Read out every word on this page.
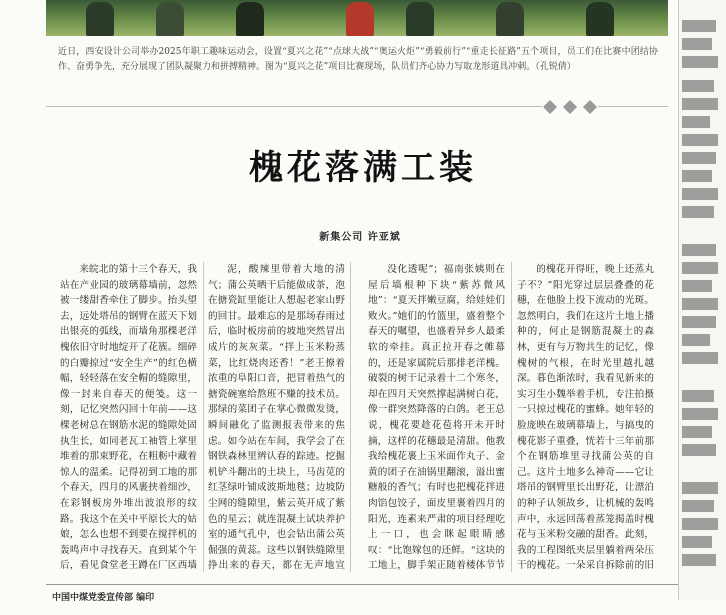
近日，西安设计公司举办2025年职工趣味运动会，设置“夏兴之花”“点球大战”“奥运火炬”“勇毅前行”“重走长征路”五个项目，员工们在比赛中团结协作、奋勇争先，充分展现了团队凝聚力和拼搏精神。图为“夏兴之花”项目比赛现场，队员们齐心协力写取龙形道具冲刺。（孔锐倩）
槐花落满工装
新集公司 许亚斌

来皖北的第十三个春天，我站在产业园的玻璃幕墙前，忽然被一缕甜香牵住了脚步。抬头望去，远处塔吊的钢臂在蓝天下划出银亮的弧线，而墙角那棵老洋槐依旧守时地绽开了花簇。细碎的白瓣掠过“安全生产”的红色横幅，轻轻落在安全帽的缝隙里，像一封来自春天的便笺。这一刻，记忆突然闪回十年前——这棵老树总在钢筋水泥的缝隙处固执生长，如同老瓦工袖管上掌里堆着的那束野花，在粗粝中藏着惊人的温柔。记得初到工地的那个春天，四月的风裹挟着细沙，在彩钢板房外堆出波浪形的纹路。我这个在关中平原长大的姑娘，怎么也想不到要在搅拌机的轰鸣声中寻找春天。直到某个午后，看见食堂老王蹲在厂区西墙

泥，酸辣里带着大地的清气；蒲公英晒干后能做成茶，泡在搪瓷缸里能让人想起老家山野的回甘。最难忘的是那场春雨过后，临时板房前的坡地突然冒出成片的灰灰菜。“拌上玉米粉蒸菜，比红烧肉还香！”老王撩着浓重的阜阳口音，把冒着热气的搪瓷碗塞给熬班不赚的技术员。那绿的菜团子在掌心微微发烫，瞬间融化了监测报表带来的焦虑。如今站在车间，我学会了在钢铁森林里辨认春的踪迹。挖掘机铲斗翻出的土块上，马齿苋的红茎绿叶铺成波斯地毯；边坡防尘网的缝隙里，紫云英开成了紫色的星云；就连混凝土试块养护室的通气孔中，也会钻出蒲公英倔强的黄蕊。这些以钢铁缝隙里挣出来的春天，都在无声地宣

没化透呢”；福南张姨则在屋后墙根种下块“紫苏微风地”：“夏天拌嫩豆腐，给娃娃们败火。”她们的竹篮里，盛着整个春天的嘱望，也盛着异乡人最柔软的牵挂。真正拉开春之帷幕的，还是家属院后那排老洋槐。破裂的树干记录着十二个寒冬，却在四月天突然撑起满树白花，像一群突然降落的白鸽。老王总说，槐花要趁花苞将开未开时摘，这样的花穗最是清甜。他教我给槐花裹上玉米面作丸子、金黄的团子在油锅里翻滚，溢出蜜糖般的香气；有时也把槐花拌进肉馅包饺子，面皮里裹着四月的阳光，连素来严肃的项目经理吃上一口，也会眯起眼睛感叹：“比饱嫁包的还鲜。“这块的工地上，脚手架正随着楼体节节

的槐花开得旺，晚上还蒸丸子不？”阳光穿过层层叠叠的花穗，在他脸上投下流动的光斑。忽然明白，我们在这片土地上播种的，何止是钢筋混凝土的森林，更有与万物共生的记忆，像槐树的气根，在时光里越扎越深。暮色渐浓时，我看见新来的实习生小魏举着手机，专注拍摄一只掠过槐花的蜜蜂。她年轻的脸庞映在玻璃幕墙上，与搞曳的槐花影子重叠，恍若十三年前那个在钢筋堆里寻找蒲公英的自己。这片土地多么神奇——它让塔吊的钢臂里长出野花，让漂泊的种子认领故乡，让机械的轰鸣声中，永远回荡着蒸笼揭盖时槐花与玉米粉交融的甜香。此刻，我的工程图纸夹层里躺着两朵压干的槐花。一朵采自拆除前的旧

中国中煤党委宣传部 编印
